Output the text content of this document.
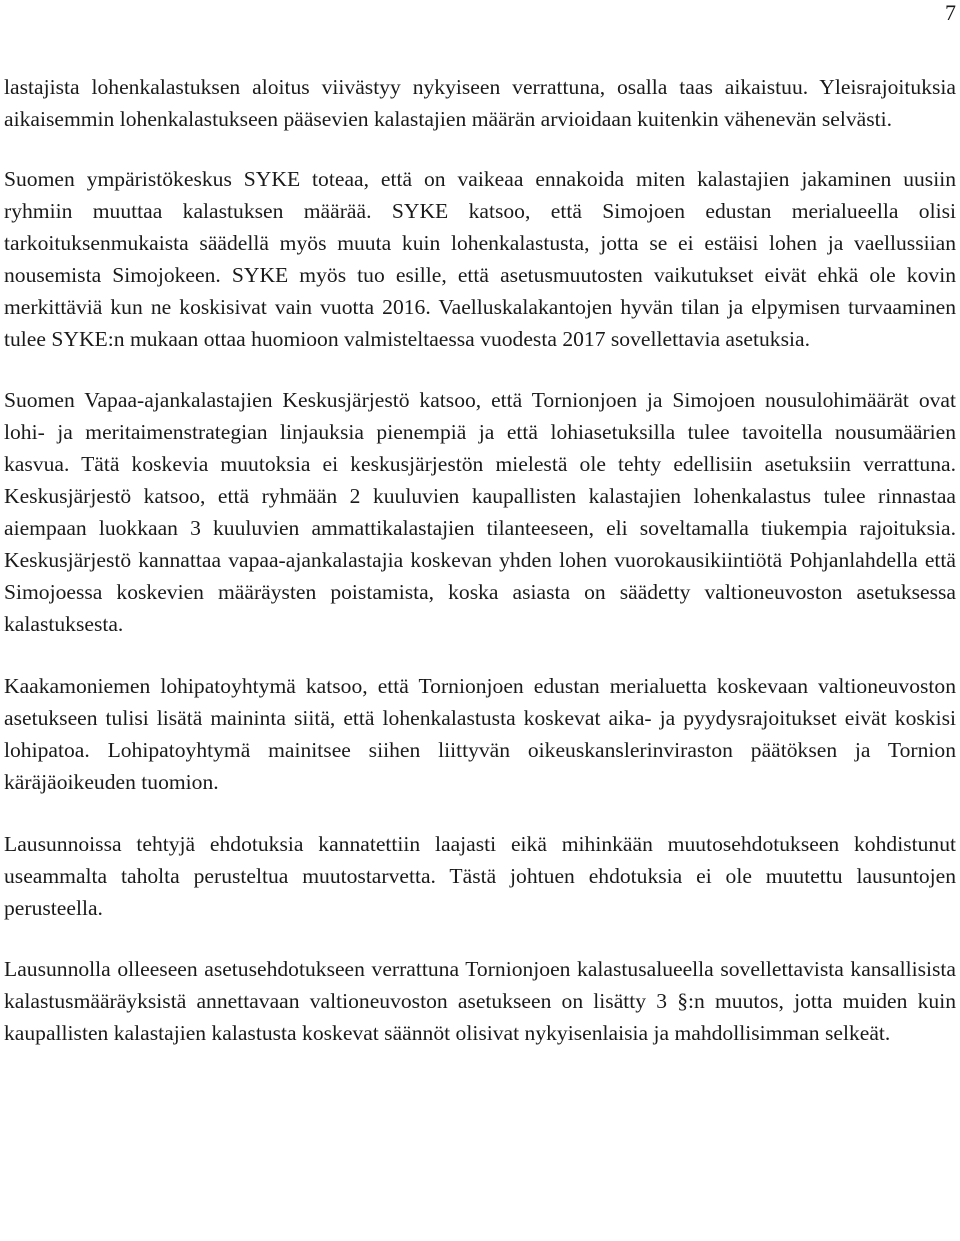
7

lastajista lohenkalastuksen aloitus viivästyy nykyiseen verrattuna, osalla taas aikaistuu. Yleisrajoituksia aikaisemmin lohenkalastukseen pääsevien kalastajien määrän arvioidaan kuitenkin vähenevän selvästi.

Suomen ympäristökeskus SYKE toteaa, että on vaikeaa ennakoida miten kalastajien jakaminen uusiin ryhmiin muuttaa kalastuksen määrää. SYKE katsoo, että Simojoen edustan merialueella olisi tarkoituksenmukaista säädellä myös muuta kuin lohenkalastusta, jotta se ei estäisi lohen ja vaellussiian nousemista Simojokeen. SYKE myös tuo esille, että asetusmuutosten vaikutukset eivät ehkä ole kovin merkittäviä kun ne koskisivat vain vuotta 2016. Vaelluskalakantojen hyvän tilan ja elpymisen turvaaminen tulee SYKE:n mukaan ottaa huomioon valmisteltaessa vuodesta 2017 sovellettavia asetuksia.

Suomen Vapaa-ajankalastajien Keskusjärjestö katsoo, että Tornionjoen ja Simojoen nousulohimäärät ovat lohi- ja meritaimenstrategian linjauksia pienempiä ja että lohiasetuksilla tulee tavoitella nousumäärien kasvua. Tätä koskevia muutoksia ei keskusjärjestön mielestä ole tehty edellisiin asetuksiin verrattuna. Keskusjärjestö katsoo, että ryhmään 2 kuuluvien kaupallisten kalastajien lohenkalastus tulee rinnastaa aiempaan luokkaan 3 kuuluvien ammattikalastajien tilanteeseen, eli soveltamalla tiukempia rajoituksia. Keskusjärjestö kannattaa vapaa-ajankalastajia koskevan yhden lohen vuorokausikiintiötä Pohjanlahdella että Simojoessa koskevien määräysten poistamista, koska asiasta on säädetty valtioneuvoston asetuksessa kalastuksesta.

Kaakamoniemen lohipatoyhtymä katsoo, että Tornionjoen edustan merialuetta koskevaan valtioneuvoston asetukseen tulisi lisätä maininta siitä, että lohenkalastusta koskevat aika- ja pyydysrajoitukset eivät koskisi lohipatoa. Lohipatoyhtymä mainitsee siihen liittyvän oikeuskanslerinviraston päätöksen ja Tornion käräjäoikeuden tuomion.

Lausunnoissa tehtyjä ehdotuksia kannatettiin laajasti eikä mihinkään muutosehdotukseen kohdistunut useammalta taholta perusteltua muutostarvetta. Tästä johtuen ehdotuksia ei ole muutettu lausuntojen perusteella.

Lausunnolla olleeseen asetusehdotukseen verrattuna Tornionjoen kalastusalueella sovellettavista kansallisista kalastusmääräyksistä annettavaan valtioneuvoston asetukseen on lisätty 3 §:n muutos, jotta muiden kuin kaupallisten kalastajien kalastusta koskevat säännöt olisivat nykyisenlaisia ja mahdollisimman selkeät.
